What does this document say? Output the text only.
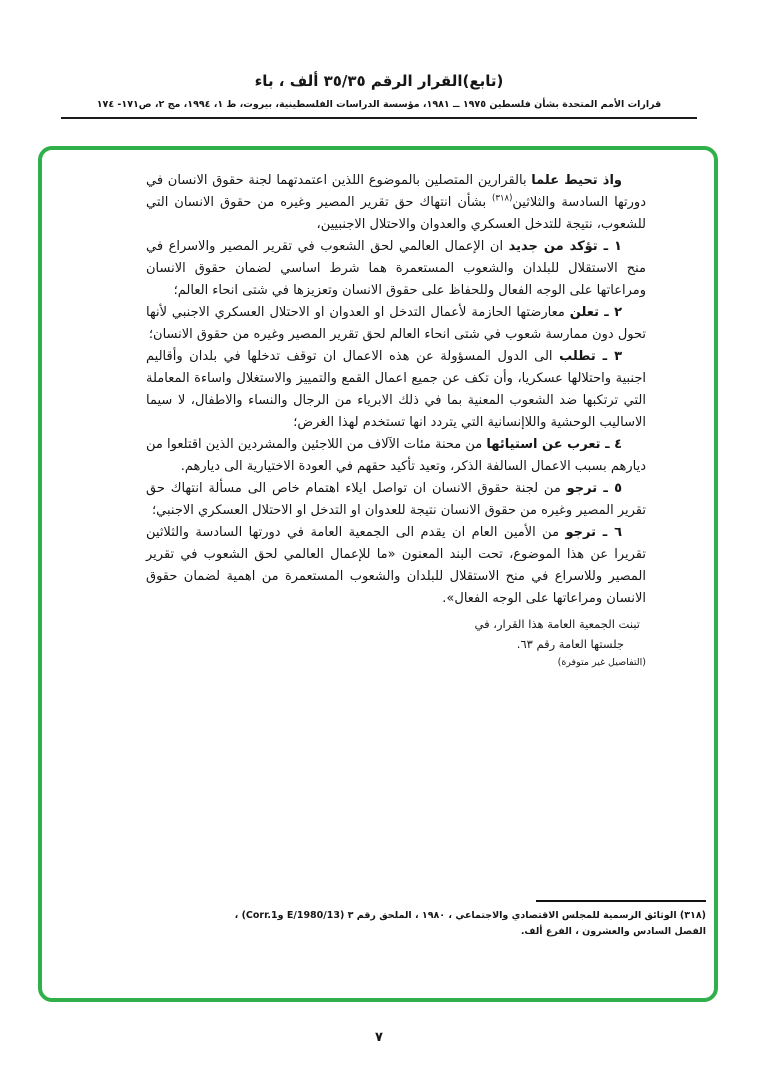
(تابع)القرار الرقم ٣٥/٣٥ ألف ، باء
قرارات الأمم المتحدة بشأن فلسطين ١٩٧٥ ــ ١٩٨١، مؤسسة الدراسات الفلسطينية، بيروت، ط ١، ١٩٩٤، مج ٢، ص١٧١- ١٧٤

واذ تحيط علما بالقرارين المتصلين بالموضوع اللذين اعتمدتهما لجنة حقوق الانسان في دورتها السادسة والثلاثين$^{(٣١٨)}$ بشأن انتهاك حق تقرير المصير وغيره من حقوق الانسان التي للشعوب، نتيجة للتدخل العسكري والعدوان والاحتلال الاجنبيين،

١ ـ تؤكد من جديد ان الإعمال العالمي لحق الشعوب في تقرير المصير والاسراع في منح الاستقلال للبلدان والشعوب المستعمرة هما شرط اساسي لضمان حقوق الانسان ومراعاتها على الوجه الفعال وللحفاظ على حقوق الانسان وتعزيزها في شتى انحاء العالم؛

٢ ـ تعلن معارضتها الحازمة لأعمال التدخل او العدوان او الاحتلال العسكري الاجنبي لأنها تحول دون ممارسة شعوب في شتى انحاء العالم لحق تقرير المصير وغيره من حقوق الانسان؛

٣ ـ تطلب الى الدول المسؤولة عن هذه الاعمال ان توقف تدخلها في بلدان وأقاليم اجنبية واحتلالها عسكريا، وأن تكف عن جميع اعمال القمع والتمييز والاستغلال واساءة المعاملة التي ترتكبها ضد الشعوب المعنية بما في ذلك الابرياء من الرجال والنساء والاطفال، لا سيما الاساليب الوحشية واللاإنسانية التي يتردد انها تستخدم لهذا الغرض؛

٤ ـ تعرب عن استيائها من محنة مئات الآلاف من اللاجئين والمشردين الذين اقتلعوا من ديارهم بسبب الاعمال السالفة الذكر، وتعيد تأكيد حقهم في العودة الاختيارية الى ديارهم.

٥ ـ ترجو من لجنة حقوق الانسان ان تواصل ايلاء اهتمام خاص الى مسألة انتهاك حق تقرير المصير وغيره من حقوق الانسان نتيجة للعدوان او التدخل او الاحتلال العسكري الاجنبي؛

٦ ـ ترجو من الأمين العام ان يقدم الى الجمعية العامة في دورتها السادسة والثلاثين تقريرا عن هذا الموضوع، تحت البند المعنون «ما للإعمال العالمي لحق الشعوب في تقرير المصير وللاسراع في منح الاستقلال للبلدان والشعوب المستعمرة من اهمية لضمان حقوق الانسان ومراعاتها على الوجه الفعال».

تبنت الجمعية العامة هذا القرار، في

جلستها العامة رقم ٦٣.

(التفاصيل غير متوفرة)

(٣١٨) الوثائق الرسمية للمجلس الاقتصادي والاجتماعي ، ١٩٨٠ ، الملحق رقم ٣ (E/1980/13 وCorr.1) ،
الفصل السادس والعشرون ، الفرع ألف.
٧
